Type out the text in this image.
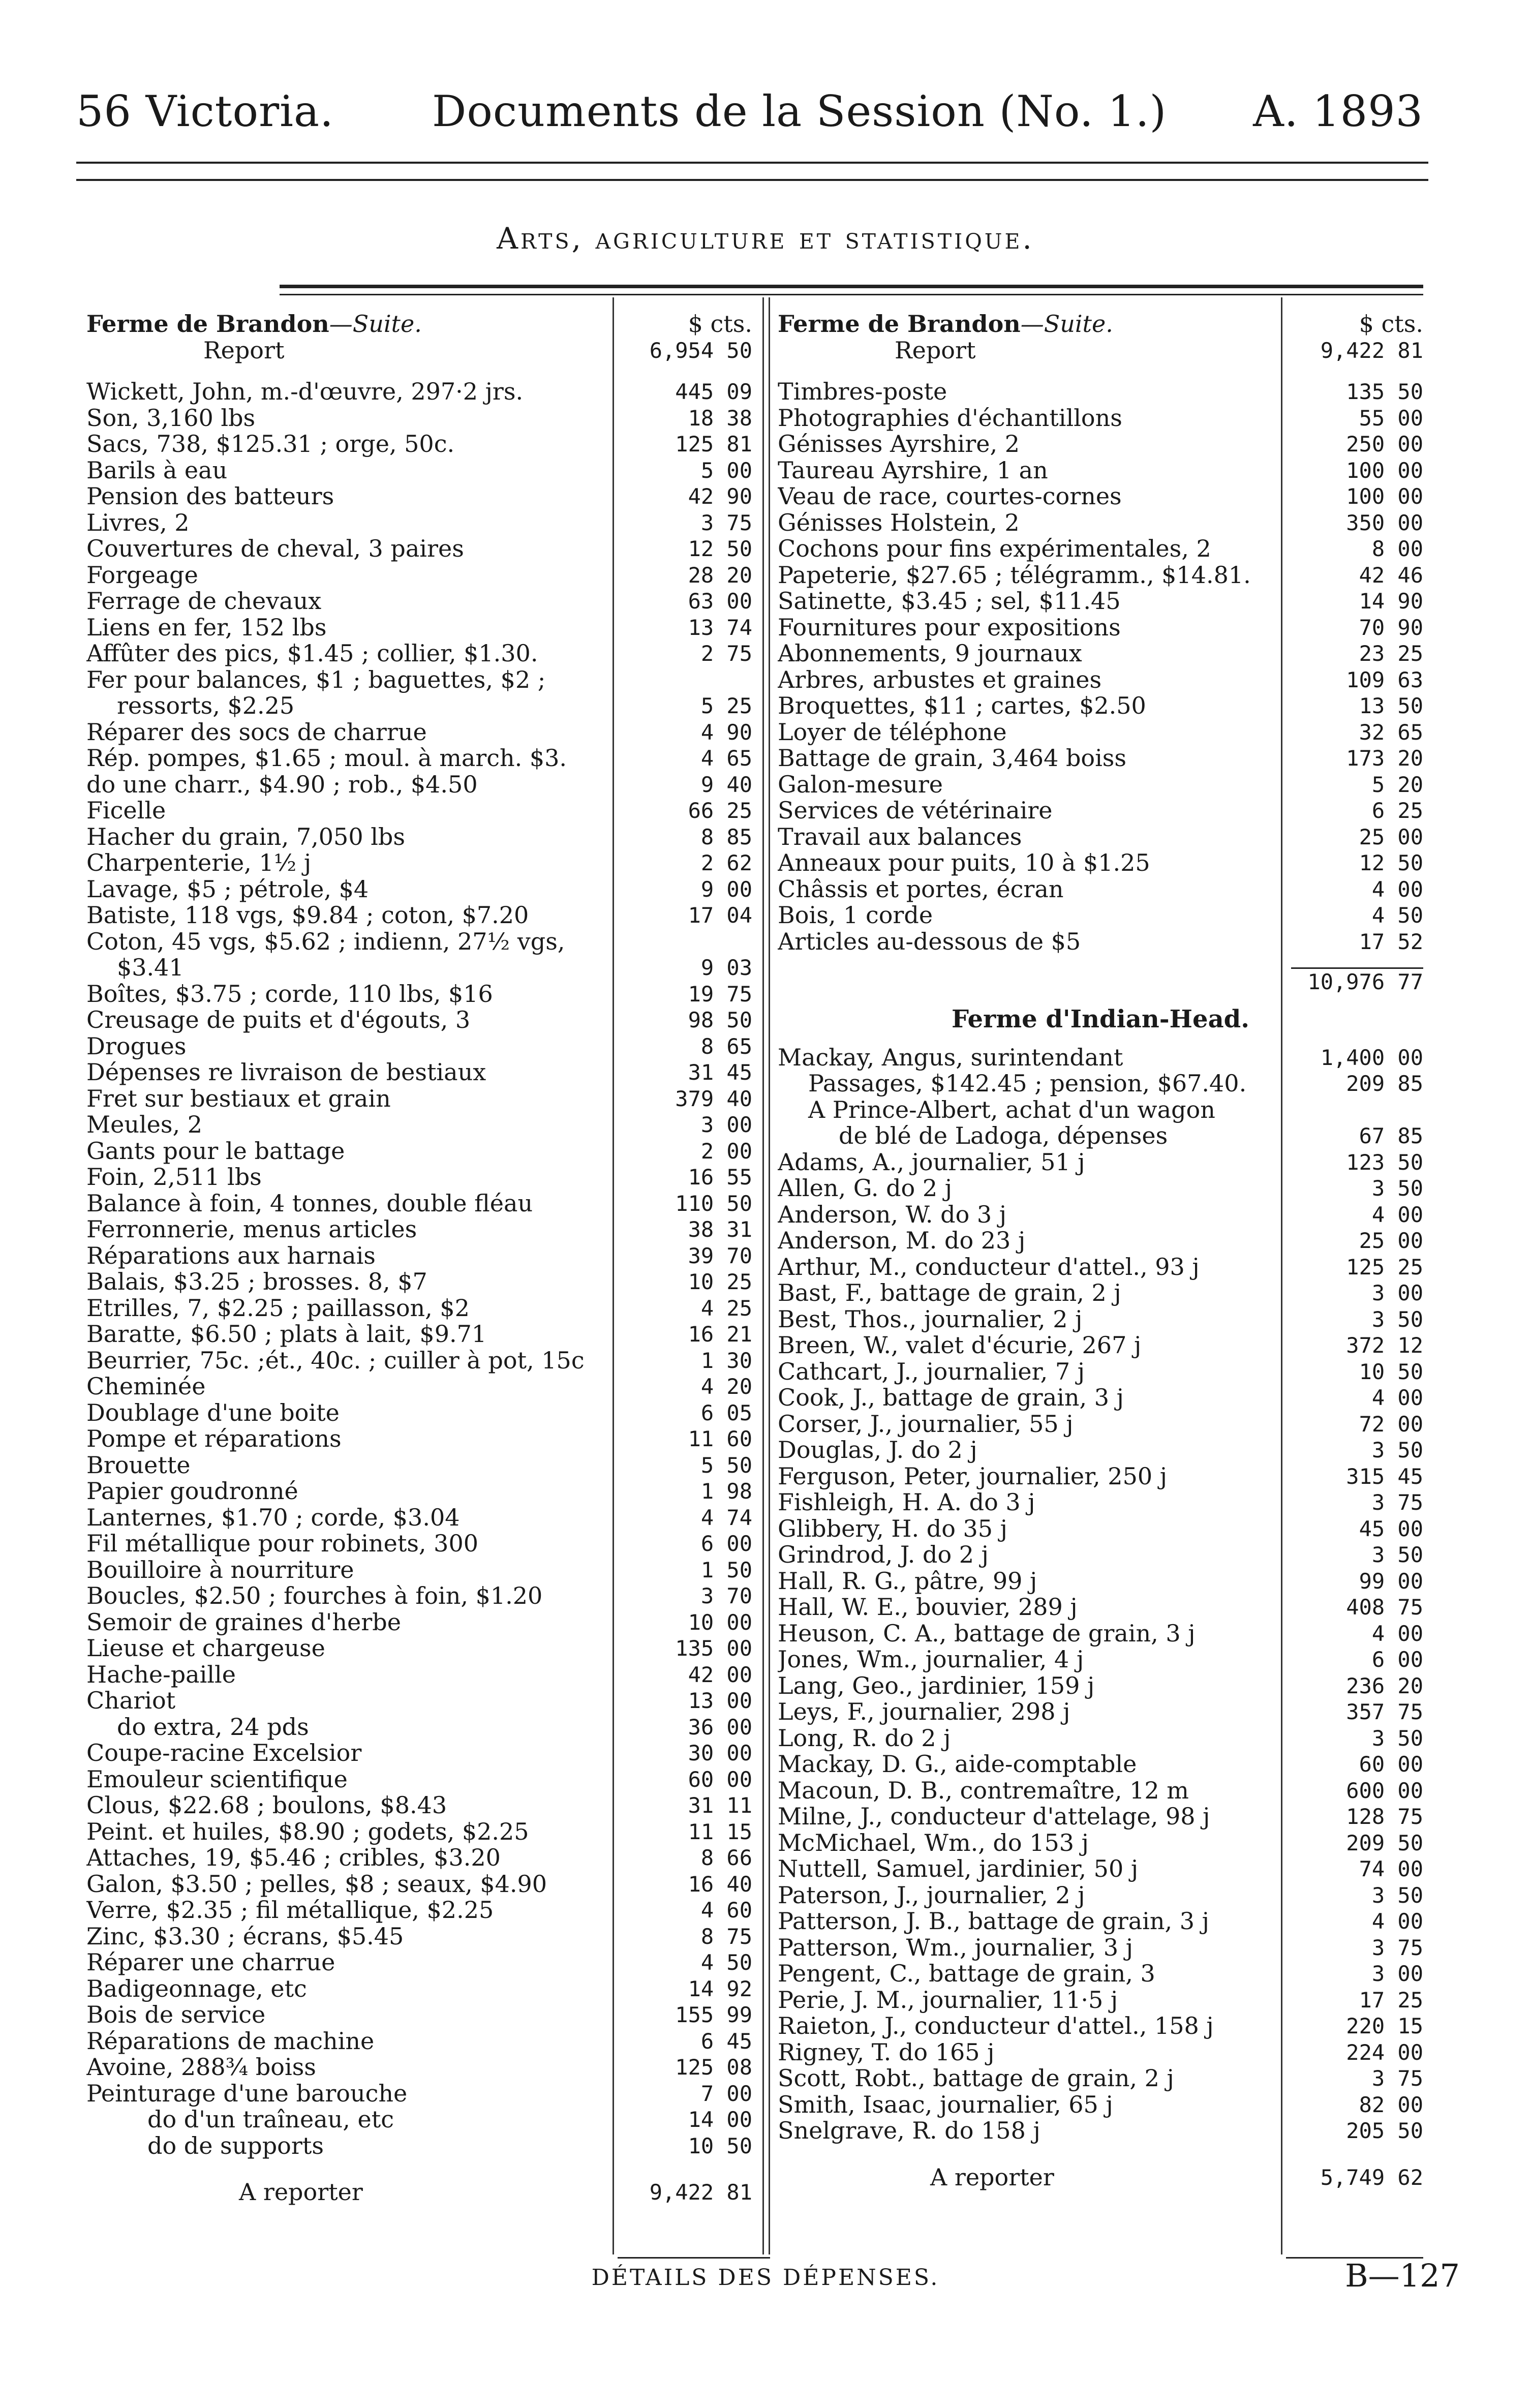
56 Victoria. Documents de la Session (No. 1.) A. 1893
Arts, agriculture et statistique.
Ferme de Brandon—Suite.	$ cts.
Report	6,954 50
Wickett, John, m.-d'œuvre, 297·2 jrs.	445 09
Son, 3,160 lbs	18 38
Sacs, 738, $125.31 ; orge, 50c.	125 81
Barils à eau	5 00
Pension des batteurs	42 90
Livres, 2	3 75
Couvertures de cheval, 3 paires	12 50
Forgeage	28 20
Ferrage de chevaux	63 00
Liens en fer, 152 lbs	13 74
Affûter des pics, $1.45 ; collier, $1.30.	2 75
Fer pour balances, $1 ; baguettes, $2 ;
ressorts, $2.25	5 25
Réparer des socs de charrue	4 90
Rép. pompes, $1.65 ; moul. à march. $3.	4 65
do une charr., $4.90 ; rob., $4.50	9 40
Ficelle	66 25
Hacher du grain, 7,050 lbs	8 85
Charpenterie, 1½ j	2 62
Lavage, $5 ; pétrole, $4	9 00
Batiste, 118 vgs, $9.84 ; coton, $7.20	17 04
Coton, 45 vgs, $5.62 ; indienn, 27½ vgs,
$3.41	9 03
Boîtes, $3.75 ; corde, 110 lbs, $16	19 75
Creusage de puits et d'égouts, 3	98 50
Drogues	8 65
Dépenses re livraison de bestiaux	31 45
Fret sur bestiaux et grain	379 40
Meules, 2	3 00
Gants pour le battage	2 00
Foin, 2,511 lbs	16 55
Balance à foin, 4 tonnes, double fléau	110 50
Ferronnerie, menus articles	38 31
Réparations aux harnais	39 70
Balais, $3.25 ; brosses. 8, $7	10 25
Etrilles, 7, $2.25 ; paillasson, $2	4 25
Baratte, $6.50 ; plats à lait, $9.71	16 21
Beurrier, 75c. ;ét., 40c. ; cuiller à pot, 15c	1 30
Cheminée	4 20
Doublage d'une boite	6 05
Pompe et réparations	11 60
Brouette	5 50
Papier goudronné	1 98
Lanternes, $1.70 ; corde, $3.04	4 74
Fil métallique pour robinets, 300	6 00
Bouilloire à nourriture	1 50
Boucles, $2.50 ; fourches à foin, $1.20	3 70
Semoir de graines d'herbe	10 00
Lieuse et chargeuse	135 00
Hache-paille	42 00
Chariot	13 00
do extra, 24 pds	36 00
Coupe-racine Excelsior	30 00
Emouleur scientifique	60 00
Clous, $22.68 ; boulons, $8.43	31 11
Peint. et huiles, $8.90 ; godets, $2.25	11 15
Attaches, 19, $5.46 ; cribles, $3.20	8 66
Galon, $3.50 ; pelles, $8 ; seaux, $4.90	16 40
Verre, $2.35 ; fil métallique, $2.25	4 60
Zinc, $3.30 ; écrans, $5.45	8 75
Réparer une charrue	4 50
Badigeonnage, etc	14 92
Bois de service	155 99
Réparations de machine	6 45
Avoine, 288¾ boiss	125 08
Peinturage d'une barouche	7 00
do d'un traîneau, etc	14 00
do de supports	10 50
A reporter	9,422 81
Ferme de Brandon—Suite.	$ cts.
Report	9,422 81
Timbres-poste	135 50
Photographies d'échantillons	55 00
Génisses Ayrshire, 2	250 00
Taureau Ayrshire, 1 an	100 00
Veau de race, courtes-cornes	100 00
Génisses Holstein, 2	350 00
Cochons pour fins expérimentales, 2	8 00
Papeterie, $27.65 ; télégramm., $14.81.	42 46
Satinette, $3.45 ; sel, $11.45	14 90
Fournitures pour expositions	70 90
Abonnements, 9 journaux	23 25
Arbres, arbustes et graines	109 63
Broquettes, $11 ; cartes, $2.50	13 50
Loyer de téléphone	32 65
Battage de grain, 3,464 boiss	173 20
Galon-mesure	5 20
Services de vétérinaire	6 25
Travail aux balances	25 00
Anneaux pour puits, 10 à $1.25	12 50
Châssis et portes, écran	4 00
Bois, 1 corde	4 50
Articles au-dessous de $5	17 52
10,976 77
Ferme d'Indian-Head.
Mackay, Angus, surintendant	1,400 00
Passages, $142.45 ; pension, $67.40.	209 85
A Prince-Albert, achat d'un wagon
de blé de Ladoga, dépenses	67 85
Adams, A., journalier, 51 j	123 50
Allen, G. do 2 j	3 50
Anderson, W. do 3 j	4 00
Anderson, M. do 23 j	25 00
Arthur, M., conducteur d'attel., 93 j	125 25
Bast, F., battage de grain, 2 j	3 00
Best, Thos., journalier, 2 j	3 50
Breen, W., valet d'écurie, 267 j	372 12
Cathcart, J., journalier, 7 j	10 50
Cook, J., battage de grain, 3 j	4 00
Corser, J., journalier, 55 j	72 00
Douglas, J. do 2 j	3 50
Ferguson, Peter, journalier, 250 j	315 45
Fishleigh, H. A. do 3 j	3 75
Glibbery, H. do 35 j	45 00
Grindrod, J. do 2 j	3 50
Hall, R. G., pâtre, 99 j	99 00
Hall, W. E., bouvier, 289 j	408 75
Heuson, C. A., battage de grain, 3 j	4 00
Jones, Wm., journalier, 4 j	6 00
Lang, Geo., jardinier, 159 j	236 20
Leys, F., journalier, 298 j	357 75
Long, R. do 2 j	3 50
Mackay, D. G., aide-comptable	60 00
Macoun, D. B., contremaître, 12 m	600 00
Milne, J., conducteur d'attelage, 98 j	128 75
McMichael, Wm., do 153 j	209 50
Nuttell, Samuel, jardinier, 50 j	74 00
Paterson, J., journalier, 2 j	3 50
Patterson, J. B., battage de grain, 3 j	4 00
Patterson, Wm., journalier, 3 j	3 75
Pengent, C., battage de grain, 3	3 00
Perie, J. M., journalier, 11·5 j	17 25
Raieton, J., conducteur d'attel., 158 j	220 15
Rigney, T. do 165 j	224 00
Scott, Robt., battage de grain, 2 j	3 75
Smith, Isaac, journalier, 65 j	82 00
Snelgrave, R. do 158 j	205 50
A reporter	5,749 62
DÉTAILS DES DÉPENSES.	B—127
